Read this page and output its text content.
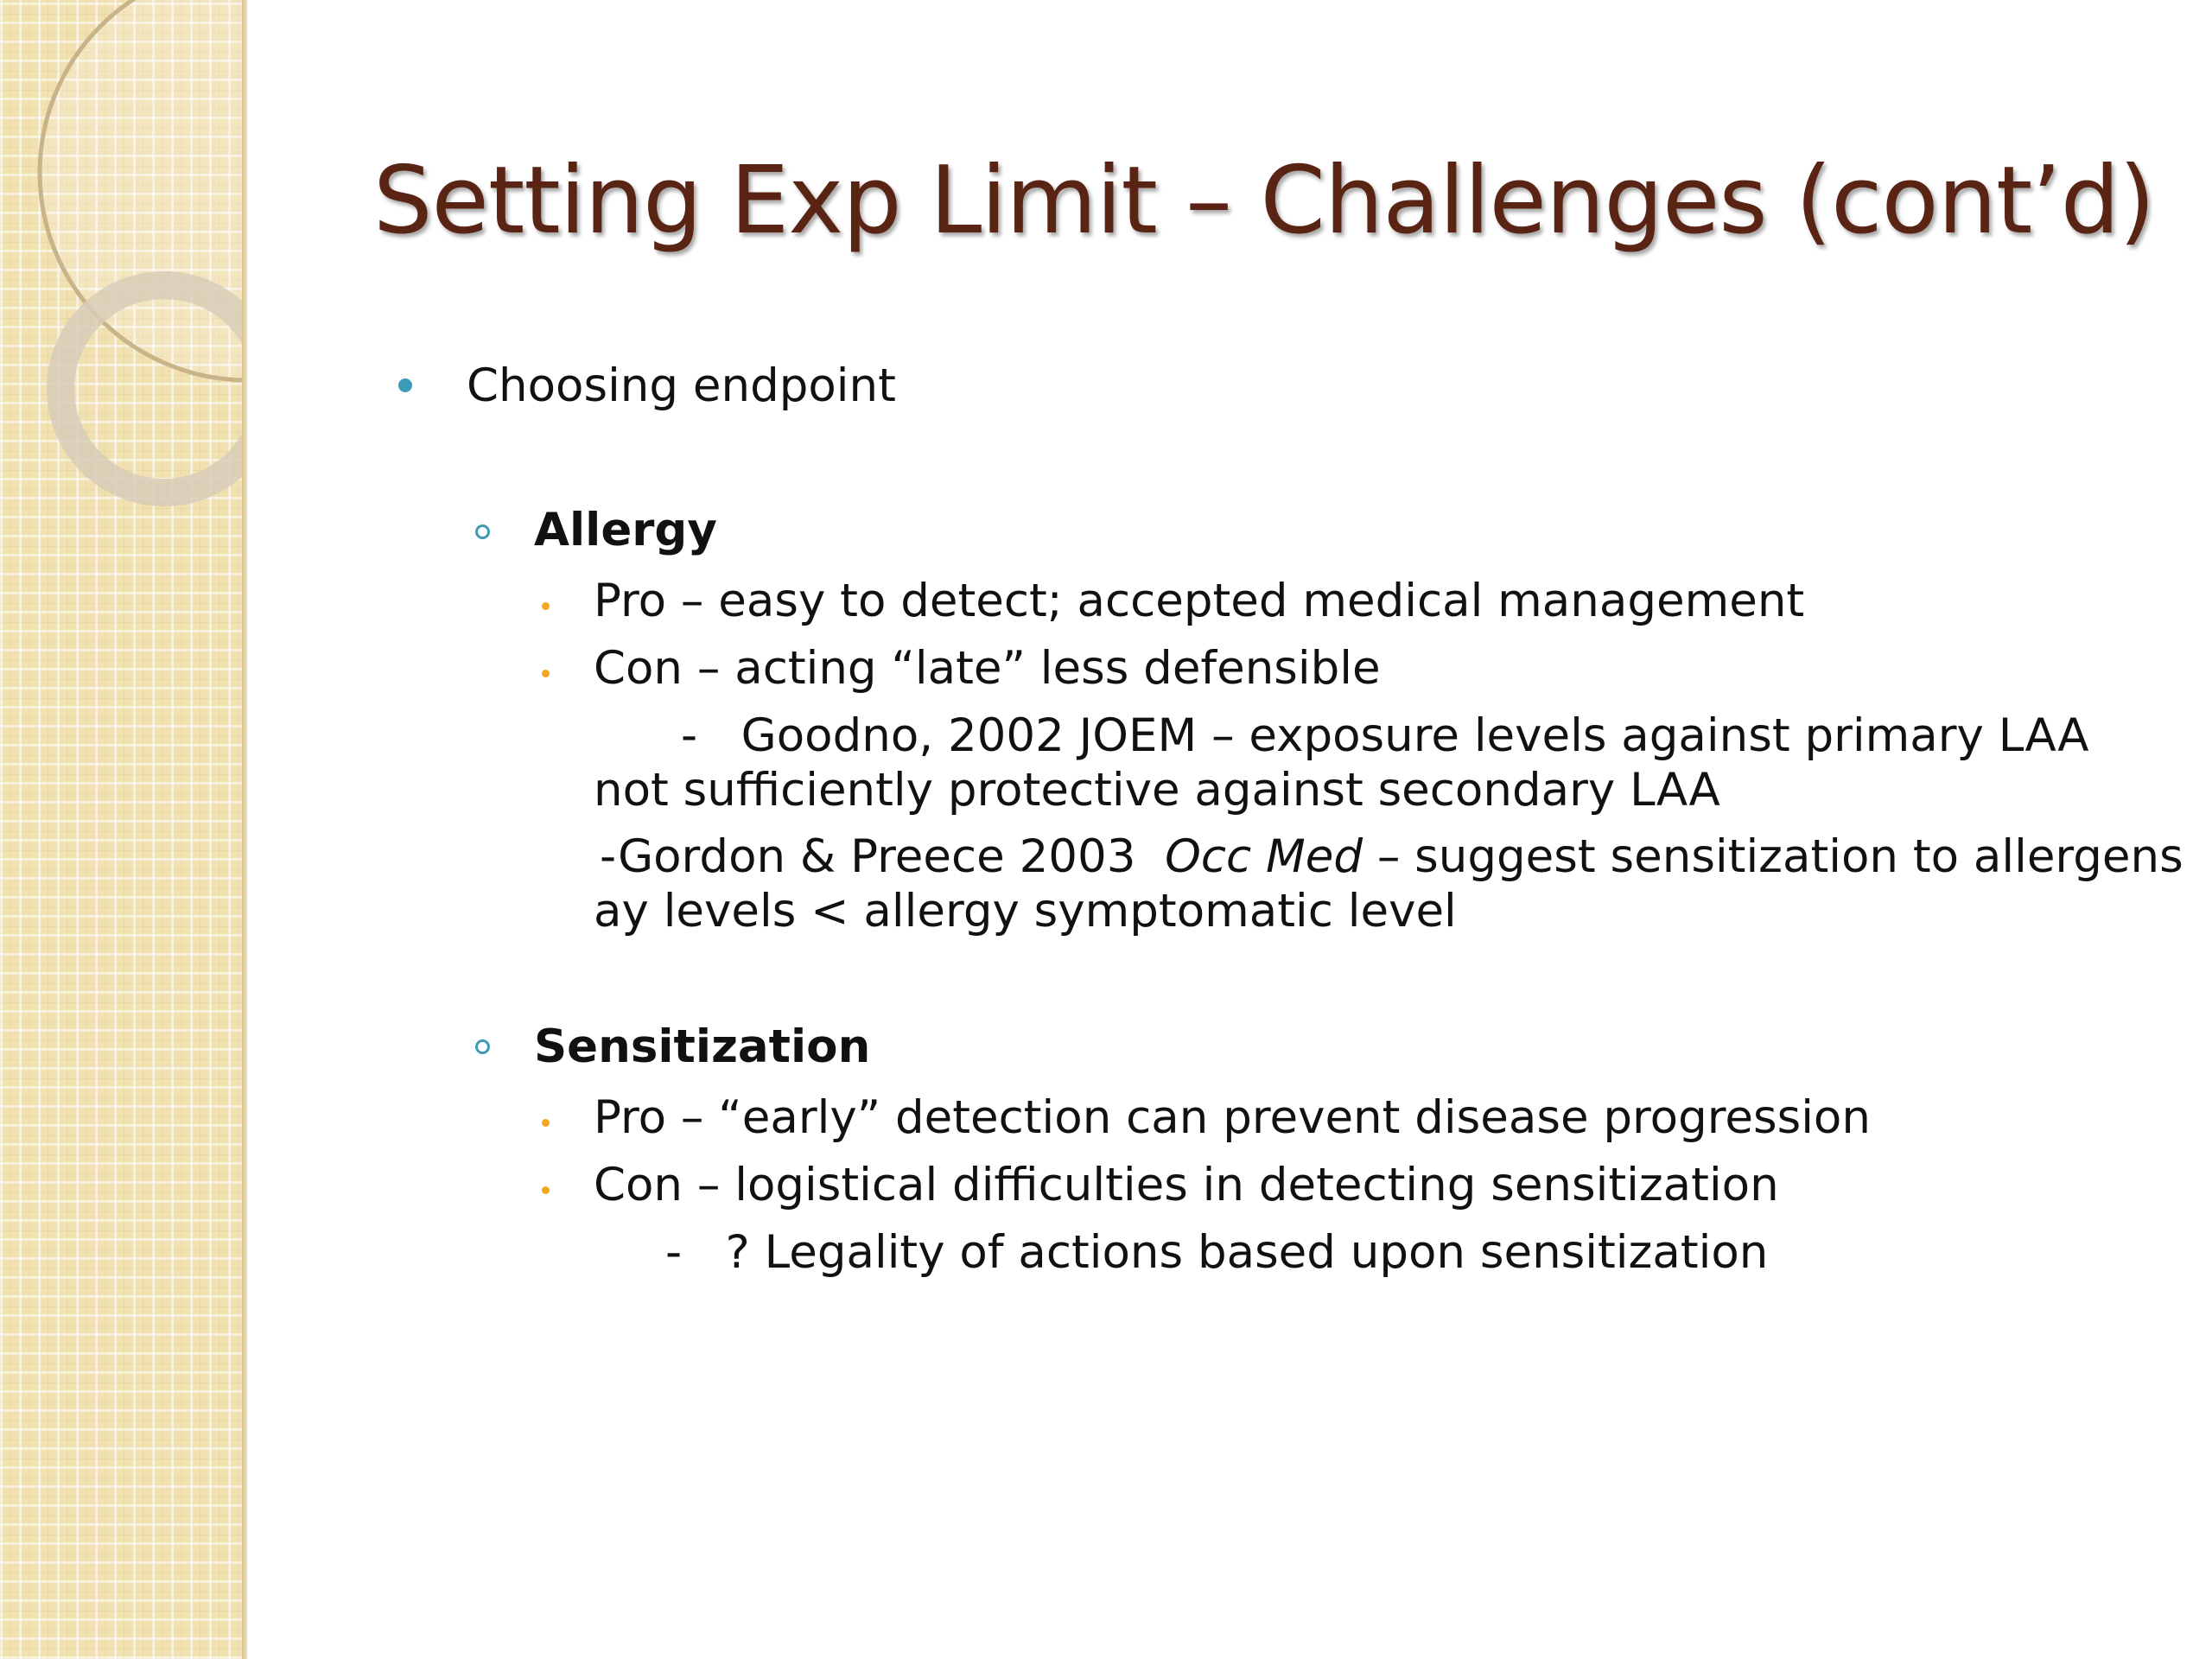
Setting Exp Limit – Challenges (cont’d)

Choosing endpoint

Allergy

Pro – easy to detect; accepted medical management

Con – acting “late” less defensible

-   Goodno, 2002 JOEM – exposure levels against primary LAA

not sufficiently protective against secondary LAA

-Gordon & Preece 2003 Occ Med – suggest sensitization to allergens

ay levels < allergy symptomatic level

Sensitization

Pro – “early” detection can prevent disease progression

Con – logistical difficulties in detecting sensitization

-   ? Legality of actions based upon sensitization
